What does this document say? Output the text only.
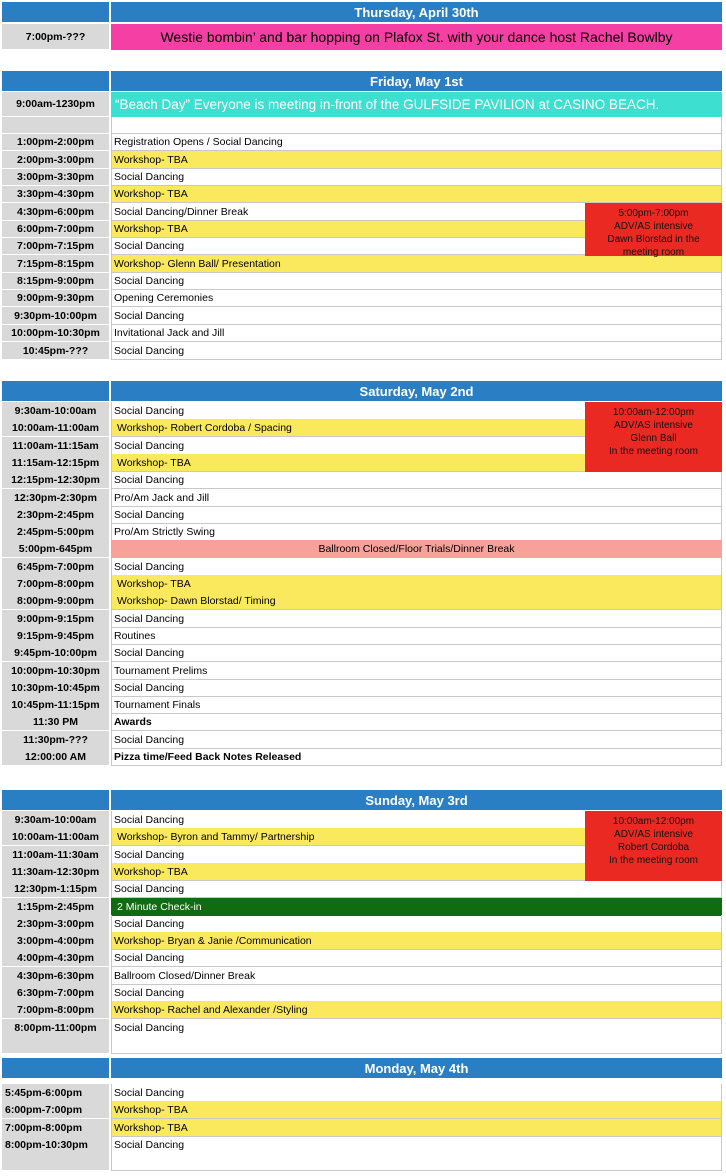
Thursday, April 30th
7:00pm-???	Westie bombin’ and bar hopping on Plafox St. with your dance host Rachel Bowlby
Friday, May 1st
9:00am-1230pm	“Beach Day” Everyone is meeting in-front of the GULFSIDE PAVILION at CASINO BEACH.
1:00pm-2:00pm	Registration Opens / Social Dancing
2:00pm-3:00pm	Workshop- TBA
3:00pm-3:30pm	Social Dancing
3:30pm-4:30pm	Workshop- TBA
4:30pm-6:00pm	Social Dancing/Dinner Break
6:00pm-7:00pm	Workshop- TBA
7:00pm-7:15pm	Social Dancing
7:15pm-8:15pm	Workshop- Glenn Ball/ Presentation
8:15pm-9:00pm	Social Dancing
9:00pm-9:30pm	Opening Ceremonies
9:30pm-10:00pm	Social Dancing
10:00pm-10:30pm	Invitational Jack and Jill
10:45pm-???	Social Dancing
5:00pm-7:00pm
ADV/AS intensive
Dawn Blorstad in the
meeting room
Saturday, May 2nd
9:30am-10:00am	Social Dancing
10:00am-11:00am	Workshop- Robert Cordoba / Spacing
11:00am-11:15am	Social Dancing
11:15am-12:15pm	Workshop- TBA
12:15pm-12:30pm	Social Dancing
12:30pm-2:30pm	Pro/Am Jack and Jill
2:30pm-2:45pm	Social Dancing
2:45pm-5:00pm	Pro/Am Strictly Swing
5:00pm-645pm	Ballroom Closed/Floor Trials/Dinner Break
6:45pm-7:00pm	Social Dancing
7:00pm-8:00pm	Workshop- TBA
8:00pm-9:00pm	Workshop- Dawn Blorstad/ Timing
9:00pm-9:15pm	Social Dancing
9:15pm-9:45pm	Routines
9:45pm-10:00pm	Social Dancing
10:00pm-10:30pm	Tournament Prelims
10:30pm-10:45pm	Social Dancing
10:45pm-11:15pm	Tournament Finals
11:30 PM	Awards
11:30pm-???	Social Dancing
12:00:00 AM	Pizza time/Feed Back Notes Released
10:00am-12:00pm
ADV/AS intensive
Glenn Ball
In the meeting room
Sunday, May 3rd
9:30am-10:00am	Social Dancing
10:00am-11:00am	Workshop- Byron and Tammy/ Partnership
11:00am-11:30am	Social Dancing
11:30am-12:30pm	Workshop- TBA
12:30pm-1:15pm	Social Dancing
1:15pm-2:45pm	2 Minute Check-in
2:30pm-3:00pm	Social Dancing
3:00pm-4:00pm	Workshop- Bryan & Janie /Communication
4:00pm-4:30pm	Social Dancing
4:30pm-6:30pm	Ballroom Closed/Dinner Break
6:30pm-7:00pm	Social Dancing
7:00pm-8:00pm	Workshop- Rachel and Alexander /Styling
8:00pm-11:00pm	Social Dancing
10:00am-12:00pm
ADV/AS intensive
Robert Cordoba
In the meeting room
Monday, May 4th
5:45pm-6:00pm	Social Dancing
6:00pm-7:00pm	Workshop- TBA
7:00pm-8:00pm	Workshop- TBA
8:00pm-10:30pm	Social Dancing
